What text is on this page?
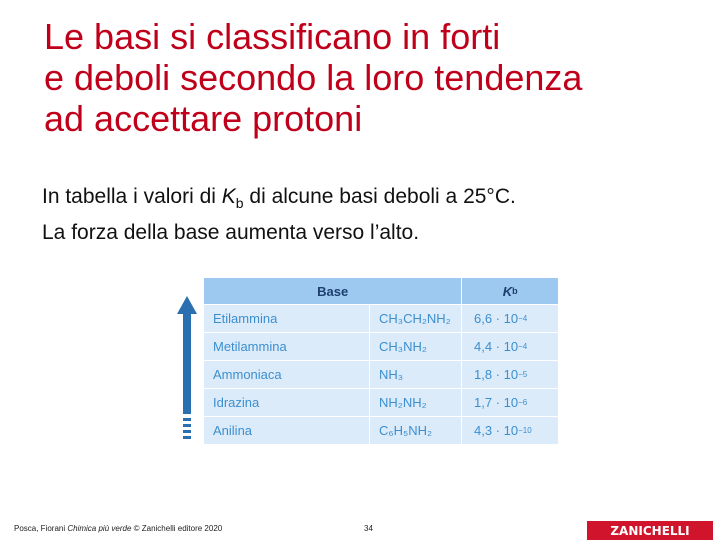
Le basi si classificano in forti
e deboli secondo la loro tendenza
ad accettare protoni
In tabella i valori di $K_b$ di alcune basi deboli a 25°C.
La forza della base aumenta verso l’alto.
Base	K b
Etilammina	CH₃CH₂NH₂	6,6 · 10 −4
Metilammina	CH₃NH₂	4,4 · 10 −4
Ammoniaca	NH₃	1,8 · 10 −5
Idrazina	NH₂NH₂	1,7 · 10 −6
Anilina	C₆H₅NH₂	4,3 · 10 −10
Posca, Fiorani Chimica più verde © Zanichelli editore 2020	34	ZANICHELLI
